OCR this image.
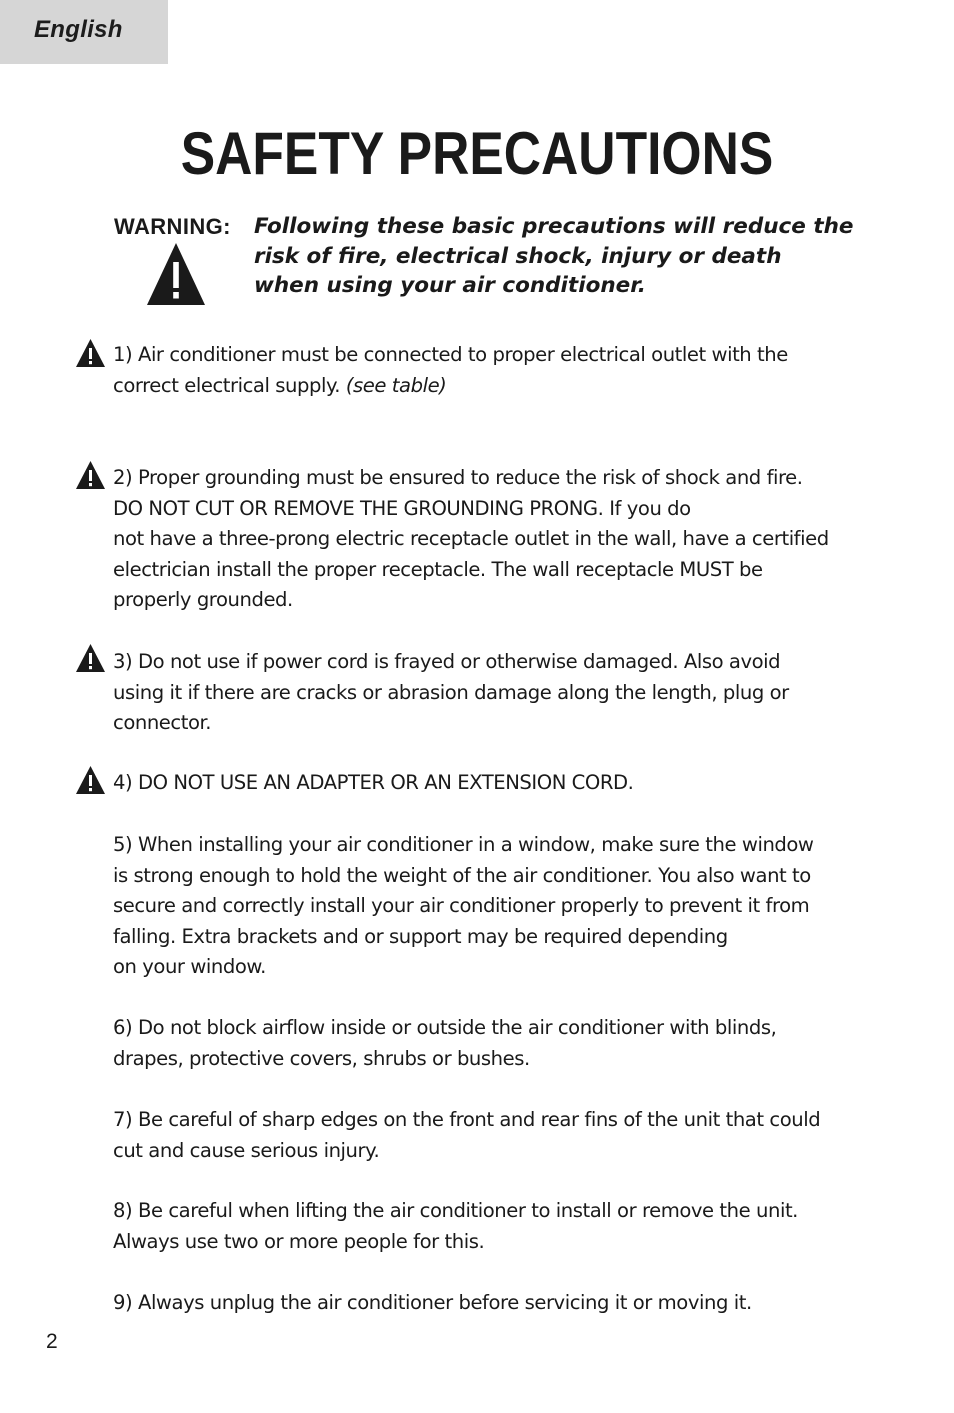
English
SAFETY PRECAUTIONS
WARNING: Following these basic precautions will reduce the
risk of fire, electrical shock, injury or death
when using your air conditioner.
1) Air conditioner must be connected to proper electrical outlet with the
correct electrical supply. (see table)
2) Proper grounding must be ensured to reduce the risk of shock and fire.
DO NOT CUT OR REMOVE THE GROUNDING PRONG. If you do
not have a three-prong electric receptacle outlet in the wall, have a certified
electrician install the proper receptacle. The wall receptacle MUST be
properly grounded.
3) Do not use if power cord is frayed or otherwise damaged. Also avoid
using it if there are cracks or abrasion damage along the length, plug or
connector.
4) DO NOT USE AN ADAPTER OR AN EXTENSION CORD.
5) When installing your air conditioner in a window, make sure the window
is strong enough to hold the weight of the air conditioner. You also want to
secure and correctly install your air conditioner properly to prevent it from
falling. Extra brackets and or support may be required depending
on your window.
6) Do not block airflow inside or outside the air conditioner with blinds,
drapes, protective covers, shrubs or bushes.
7) Be careful of sharp edges on the front and rear fins of the unit that could
cut and cause serious injury.
8) Be careful when lifting the air conditioner to install or remove the unit.
Always use two or more people for this.
9) Always unplug the air conditioner before servicing it or moving it.
2
